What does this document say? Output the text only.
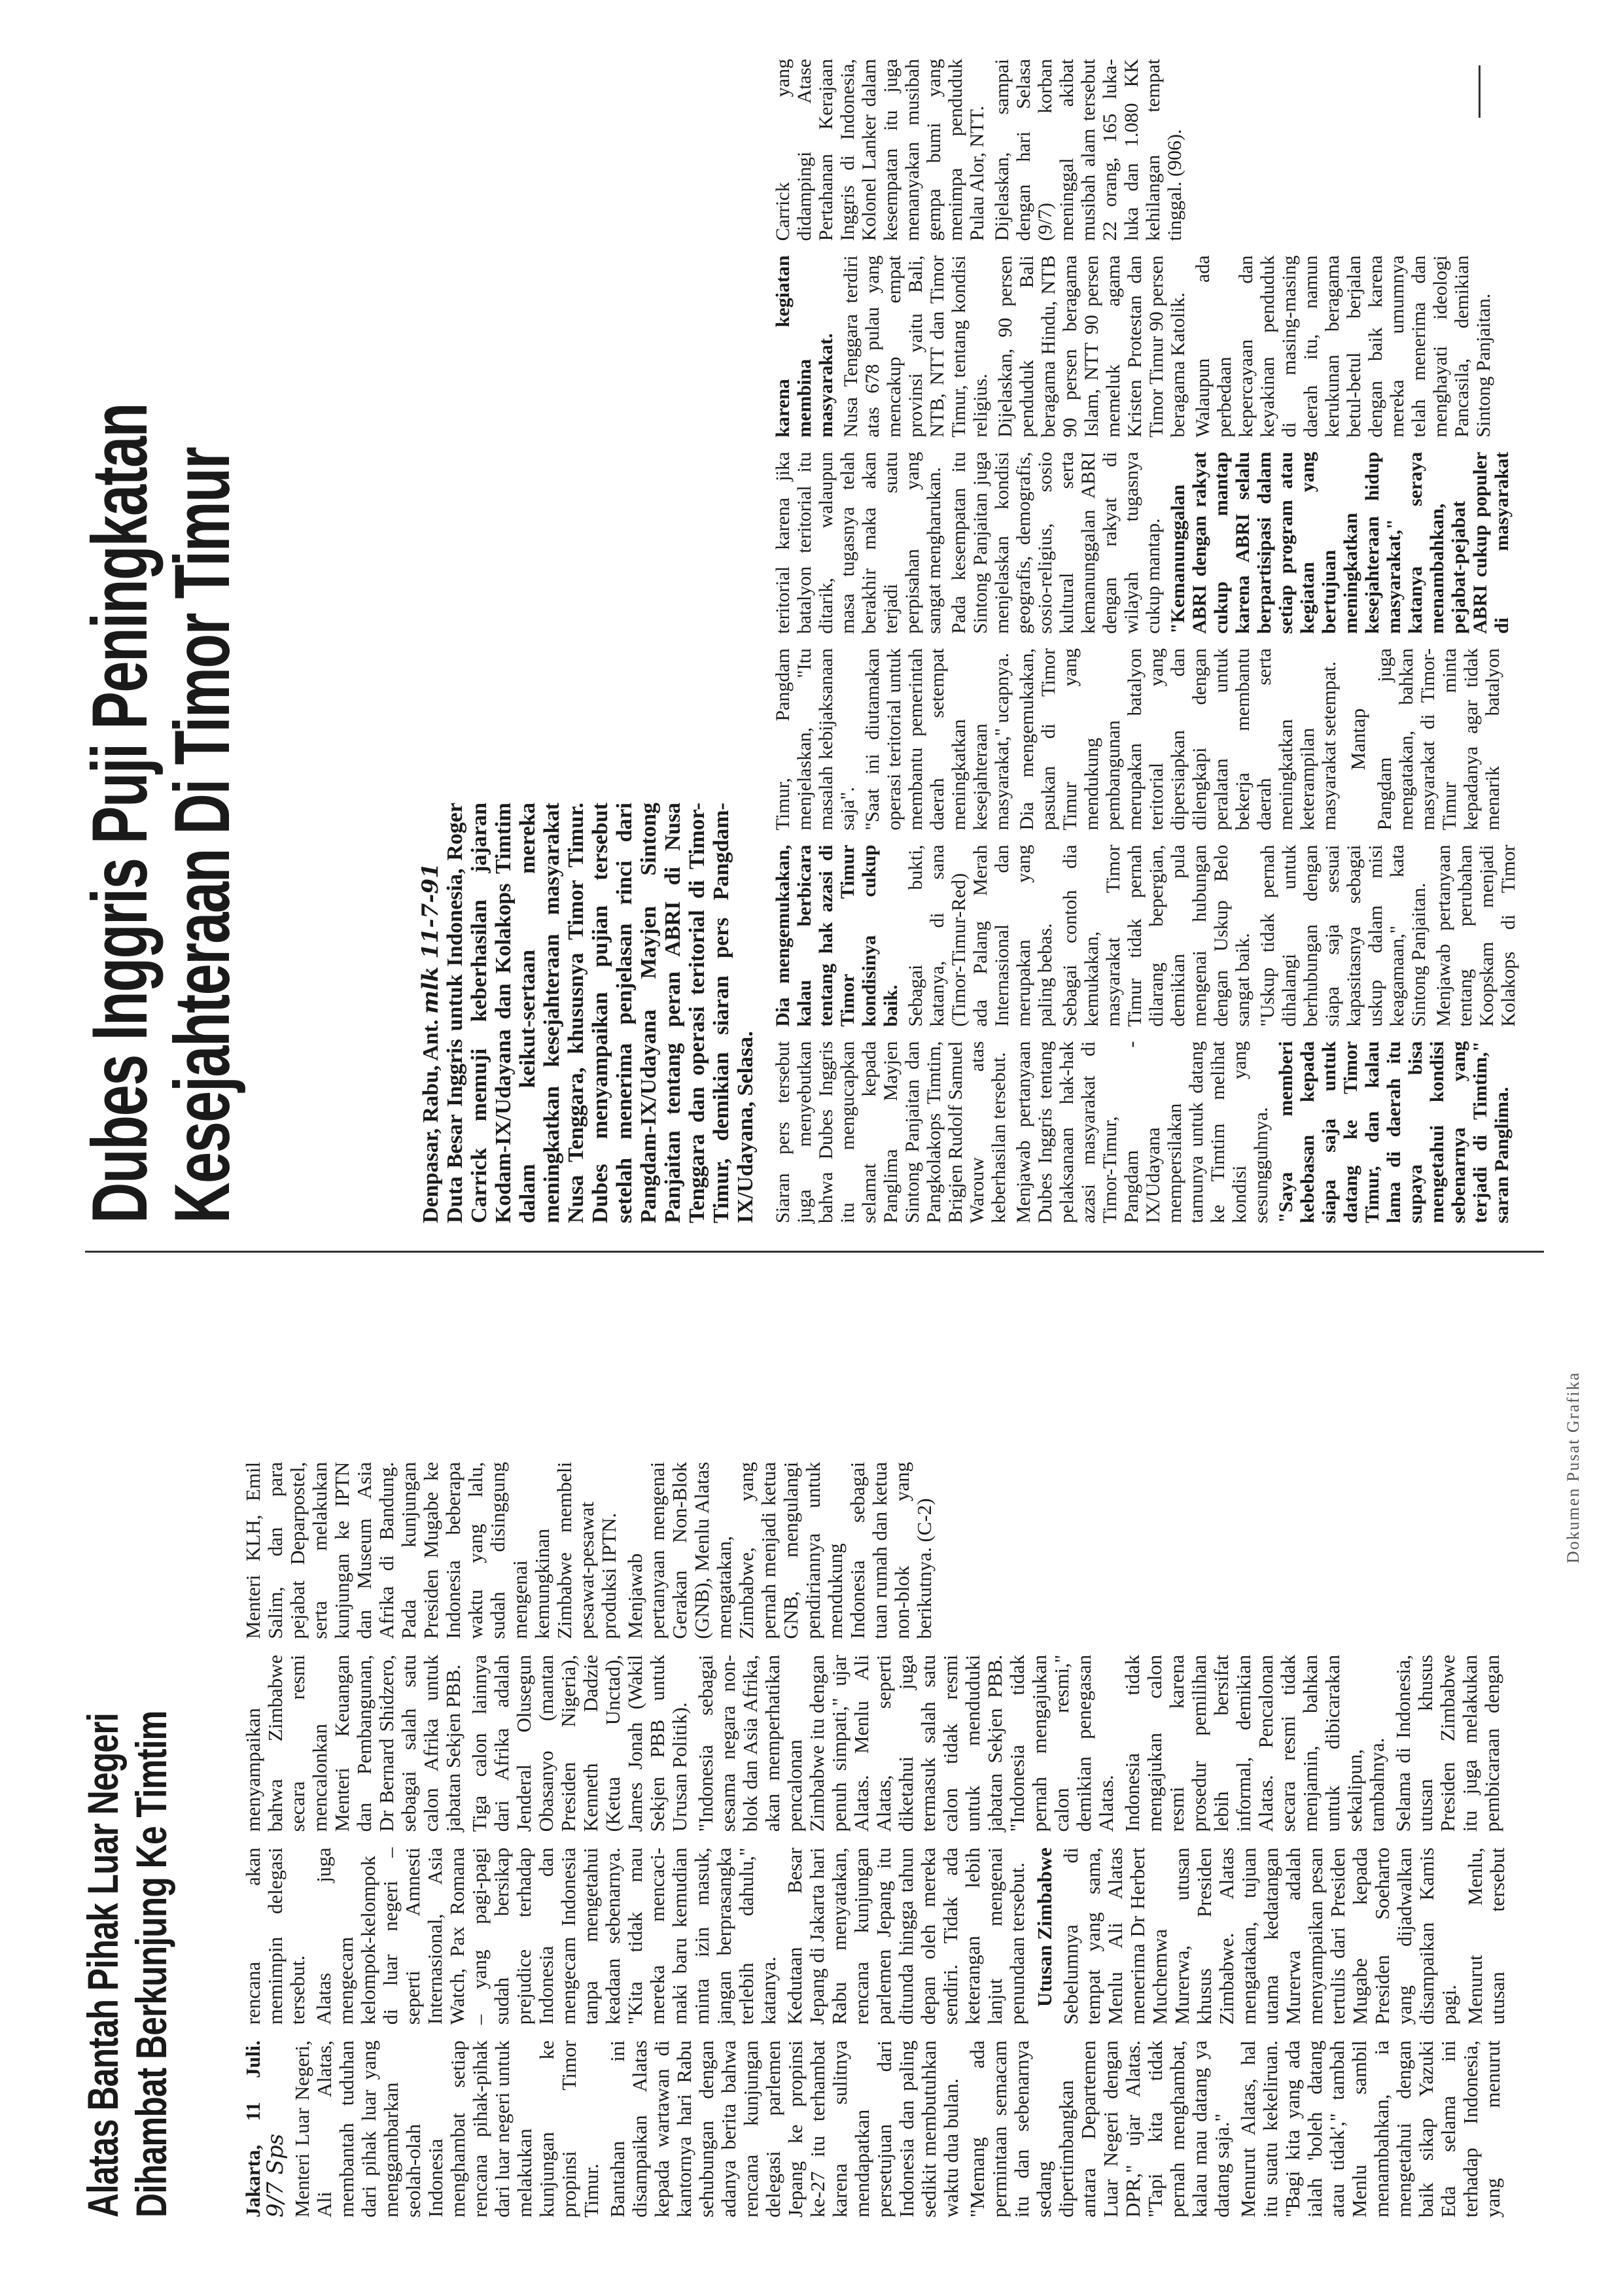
Alatas Bantah Pihak Luar Negeri Dihambat Berkunjung Ke Timtim	Jakarta, 11 Juli. 9/7 Sps Menteri Luar Negeri, Ali Alatas, membantah tuduhan dari pihak luar yang menggambarkan seolah-olah Indonesia menghambat setiap rencana pihak-pihak dari luar negeri untuk melakukan kunjungan ke propinsi Timor Timur. Bantahan ini disampaikan Alatas kepada wartawan di kantornya hari Rabu sehubungan dengan adanya berita bahwa rencana kunjungan delegasi parlemen Jepang ke propinsi ke-27 itu terhambat karena sulitnya mendapatkan persetujuan dari Indonesia dan paling sedikit membutuhkan waktu dua bulan. "Memang ada permintaan semacam itu dan sebenarnya sedang dipertimbangkan antara Departemen Luar Negeri dengan DPR," ujar Alatas. "Tapi kita tidak pernah menghambat, kalau mau datang ya datang saja." Menurut Alatas, hal itu suatu kekeliruan. "Bagi kita yang ada ialah 'boleh datang atau tidak'," tambah Menlu sambil menambahkan, ia mengetahui dengan baik sikap Yazuki Eda selama ini terhadap Indonesia, yang menurut rencana akan memimpin delegasi tersebut. Alatas juga mengecam kelompok-kelompok di luar negeri – seperti Amnesti Internasional, Asia Watch, Pax Romana – yang pagi-pagi sudah bersikap prejudice terhadap Indonesia dan mengecam Indonesia tanpa mengetahui keadaan sebenarnya. "Kita tidak mau mereka mencaci-maki baru kemudian minta izin masuk, jangan berprasangka terlebih dahulu," katanya. Kedutaan Besar Jepang di Jakarta hari Rabu menyatakan, rencana kunjungan parlemen Jepang itu ditunda hingga tahun depan oleh mereka sendiri. Tidak ada keterangan lebih lanjut mengenai penundaan tersebut. Utusan Zimbabwe Sebelumnya di tempat yang sama, Menlu Ali Alatas menerima Dr Herbert Muchemwa Murerwa, utusan khusus Presiden Zimbabwe. Alatas mengatakan, tujuan utama kedatangan Murerwa adalah menyampaikan pesan tertulis dari Presiden Mugabe kepada Presiden Soeharto yang dijadwalkan disampaikan Kamis pagi. Menurut Menlu, utusan tersebut menyampaikan bahwa Zimbabwe secara resmi mencalonkan Menteri Keuangan dan Pembangunan, Dr Bernard Shidzero, sebagai salah satu calon Afrika untuk jabatan Sekjen PBB. Tiga calon lainnya dari Afrika adalah Jenderal Olusegun Obasanyo (mantan Presiden Nigeria), Kenneth Dadzie (Ketua Unctad), James Jonah (Wakil Sekjen PBB untuk Urusan Politik). "Indonesia sebagai sesama negara non-blok dan Asia Afrika, akan memperhatikan pencalonan Zimbabwe itu dengan penuh simpati," ujar Alatas. Menlu Ali Alatas, seperti diketahui juga termasuk salah satu calon tidak resmi untuk menduduki jabatan Sekjen PBB. "Indonesia tidak pernah mengajukan calon resmi," demikian penegasan Alatas. Indonesia tidak mengajukan calon resmi karena prosedur pemilihan lebih bersifat informal, demikian Alatas. Pencalonan secara resmi tidak menjamin, bahkan untuk dibicarakan sekalipun, tambahnya. Selama di Indonesia, utusan khusus Presiden Zimbabwe itu juga melakukan pembicaraan dengan Menteri KLH, Emil Salim, dan para pejabat Deparpostel, serta melakukan kunjungan ke IPTN dan Museum Asia Afrika di Bandung. Pada kunjungan Presiden Mugabe ke Indonesia beberapa waktu yang lalu, sudah disinggung mengenai kemungkinan Zimbabwe membeli pesawat-pesawat produksi IPTN. Menjawab pertanyaan mengenai Gerakan Non-Blok (GNB), Menlu Alatas mengatakan, Zimbabwe, yang pernah menjadi ketua GNB, mengulangi pendiriannya untuk mendukung Indonesia sebagai tuan rumah dan ketua non-blok yang berikutnya. (C-2)

Dubes Inggris Puji Peningkatan
Kesejahteraan Di Timor Timur	Denpasar, Rabu, Ant. mlk 11-7-91
Duta Besar Inggris untuk Indonesia, Roger Carrick memuji keberhasilan jajaran Kodam-IX/Udayana dan Kolakops Timtim dalam keikut-sertaan mereka meningkatkan kesejahteraan masyarakat Nusa Tenggara, khususnya Timor Timur. Dubes menyampaikan pujian tersebut setelah menerima penjelasan rinci dari Pangdam-IX/Udayana Mayjen Sintong Panjaitan tentang peran ABRI di Nusa Tenggara dan operasi teritorial di Timor-Timur, demikian siaran pers Pangdam-IX/Udayana, Selasa. Siaran pers tersebut juga menyebutkan bahwa Dubes Inggris itu mengucapkan selamat kepada Panglima Mayjen Sintong Panjaitan dan Pangkolakops Timtim, Brigjen Rudolf Samuel Warouw atas keberhasilan tersebut. Menjawab pertanyaan Dubes Inggris tentang pelaksanaan hak-hak azasi masyarakat di Timor-Timur, Pangdam - IX/Udayana mempersilakan tamunya untuk datang ke Timtim melihat kondisi yang sesungguhnya. "Saya memberi kebebasan kepada siapa saja untuk datang ke Timor Timur, dan kalau lama di daerah itu supaya bisa mengetahui kondisi sebenarnya yang terjadi di Timtim," saran Panglima.

Dia mengemukakan, kalau berbicara tentang hak azasi di Timor Timur kondisinya cukup baik. Sebagai bukti, katanya, di sana (Timor-Timur-Red) ada Palang Merah Internasional dan merupakan yang paling bebas. Sebagai contoh dia kemukakan, masyarakat Timor Timur tidak pernah dilarang bepergian, demikian pula mengenai hubungan dengan Uskup Belo sangat baik. "Uskup tidak pernah dihalangi untuk berhubungan dengan siapa saja sesuai kapasitasnya sebagai uskup dalam misi keagamaan," kata Sintong Panjaitan. Menjawab pertanyaan tentang perubahan Koopskam menjadi Kolakops di Timor Timur, Pangdam menjelaskan, "Itu masalah kebijaksanaan saja". "Saat ini diutamakan operasi teritorial untuk membantu pemerintah daerah setempat meningkatkan kesejahteraan masyarakat," ucapnya. Dia mengemukakan, pasukan di Timor Timur yang mendukung pembangunan merupakan batalyon teritorial yang dipersiapkan dan dilengkapi dengan peralatan untuk bekerja membantu daerah serta meningkatkan keterampilan masyarakat setempat. Mantap Pangdam juga mengatakan, bahkan masyarakat di Timor-Timur minta kepadanya agar tidak menarik batalyon teritorial karena jika batalyon teritorial itu ditarik, walaupun masa tugasnya telah berakhir maka akan terjadi suatu perpisahan yang sangat mengharukan. Pada kesempatan itu Sintong Panjaitan juga menjelaskan kondisi geografis, demografis, sosio-religius, sosio kultural serta kemanunggalan ABRI dengan rakyat di wilayah tugasnya cukup mantap. "Kemanunggalan ABRI dengan rakyat cukup mantap karena ABRI selalu berpartisipasi dalam setiap program atau kegiatan yang bertujuan meningkatkan kesejahteraan hidup masyarakat," katanya seraya menambahkan, pejabat-pejabat ABRI cukup populer di masyarakat karena kegiatan membina masyarakat. Nusa Tenggara terdiri atas 678 pulau yang mencakup empat provinsi yaitu Bali, NTB, NTT dan Timor Timur, tentang kondisi religius. Dijelaskan, 90 persen penduduk Bali beragama Hindu, NTB 90 persen beragama Islam, NTT 90 persen memeluk agama Kristen Protestan dan Timor Timur 90 persen beragama Katolik. Walaupun ada perbedaan kepercayaan dan keyakinan penduduk di masing-masing daerah itu, namun kerukunan beragama betul-betul berjalan dengan baik karena mereka umumnya telah menerima dan menghayati ideologi Pancasila, demikian Sintong Panjaitan.

Carrick yang didampingi Atase Pertahanan Kerajaan Inggris di Indonesia, Kolonel Lanker dalam kesempatan itu juga menanyakan musibah gempa bumi yang menimpa penduduk Pulau Alor, NTT. Dijelaskan, sampai dengan hari Selasa (9/7) korban meninggal akibat musibah alam tersebut 22 orang, 165 luka-luka dan 1.080 KK kehilangan tempat tinggal. (906).

Dokumen Pusat Grafika
